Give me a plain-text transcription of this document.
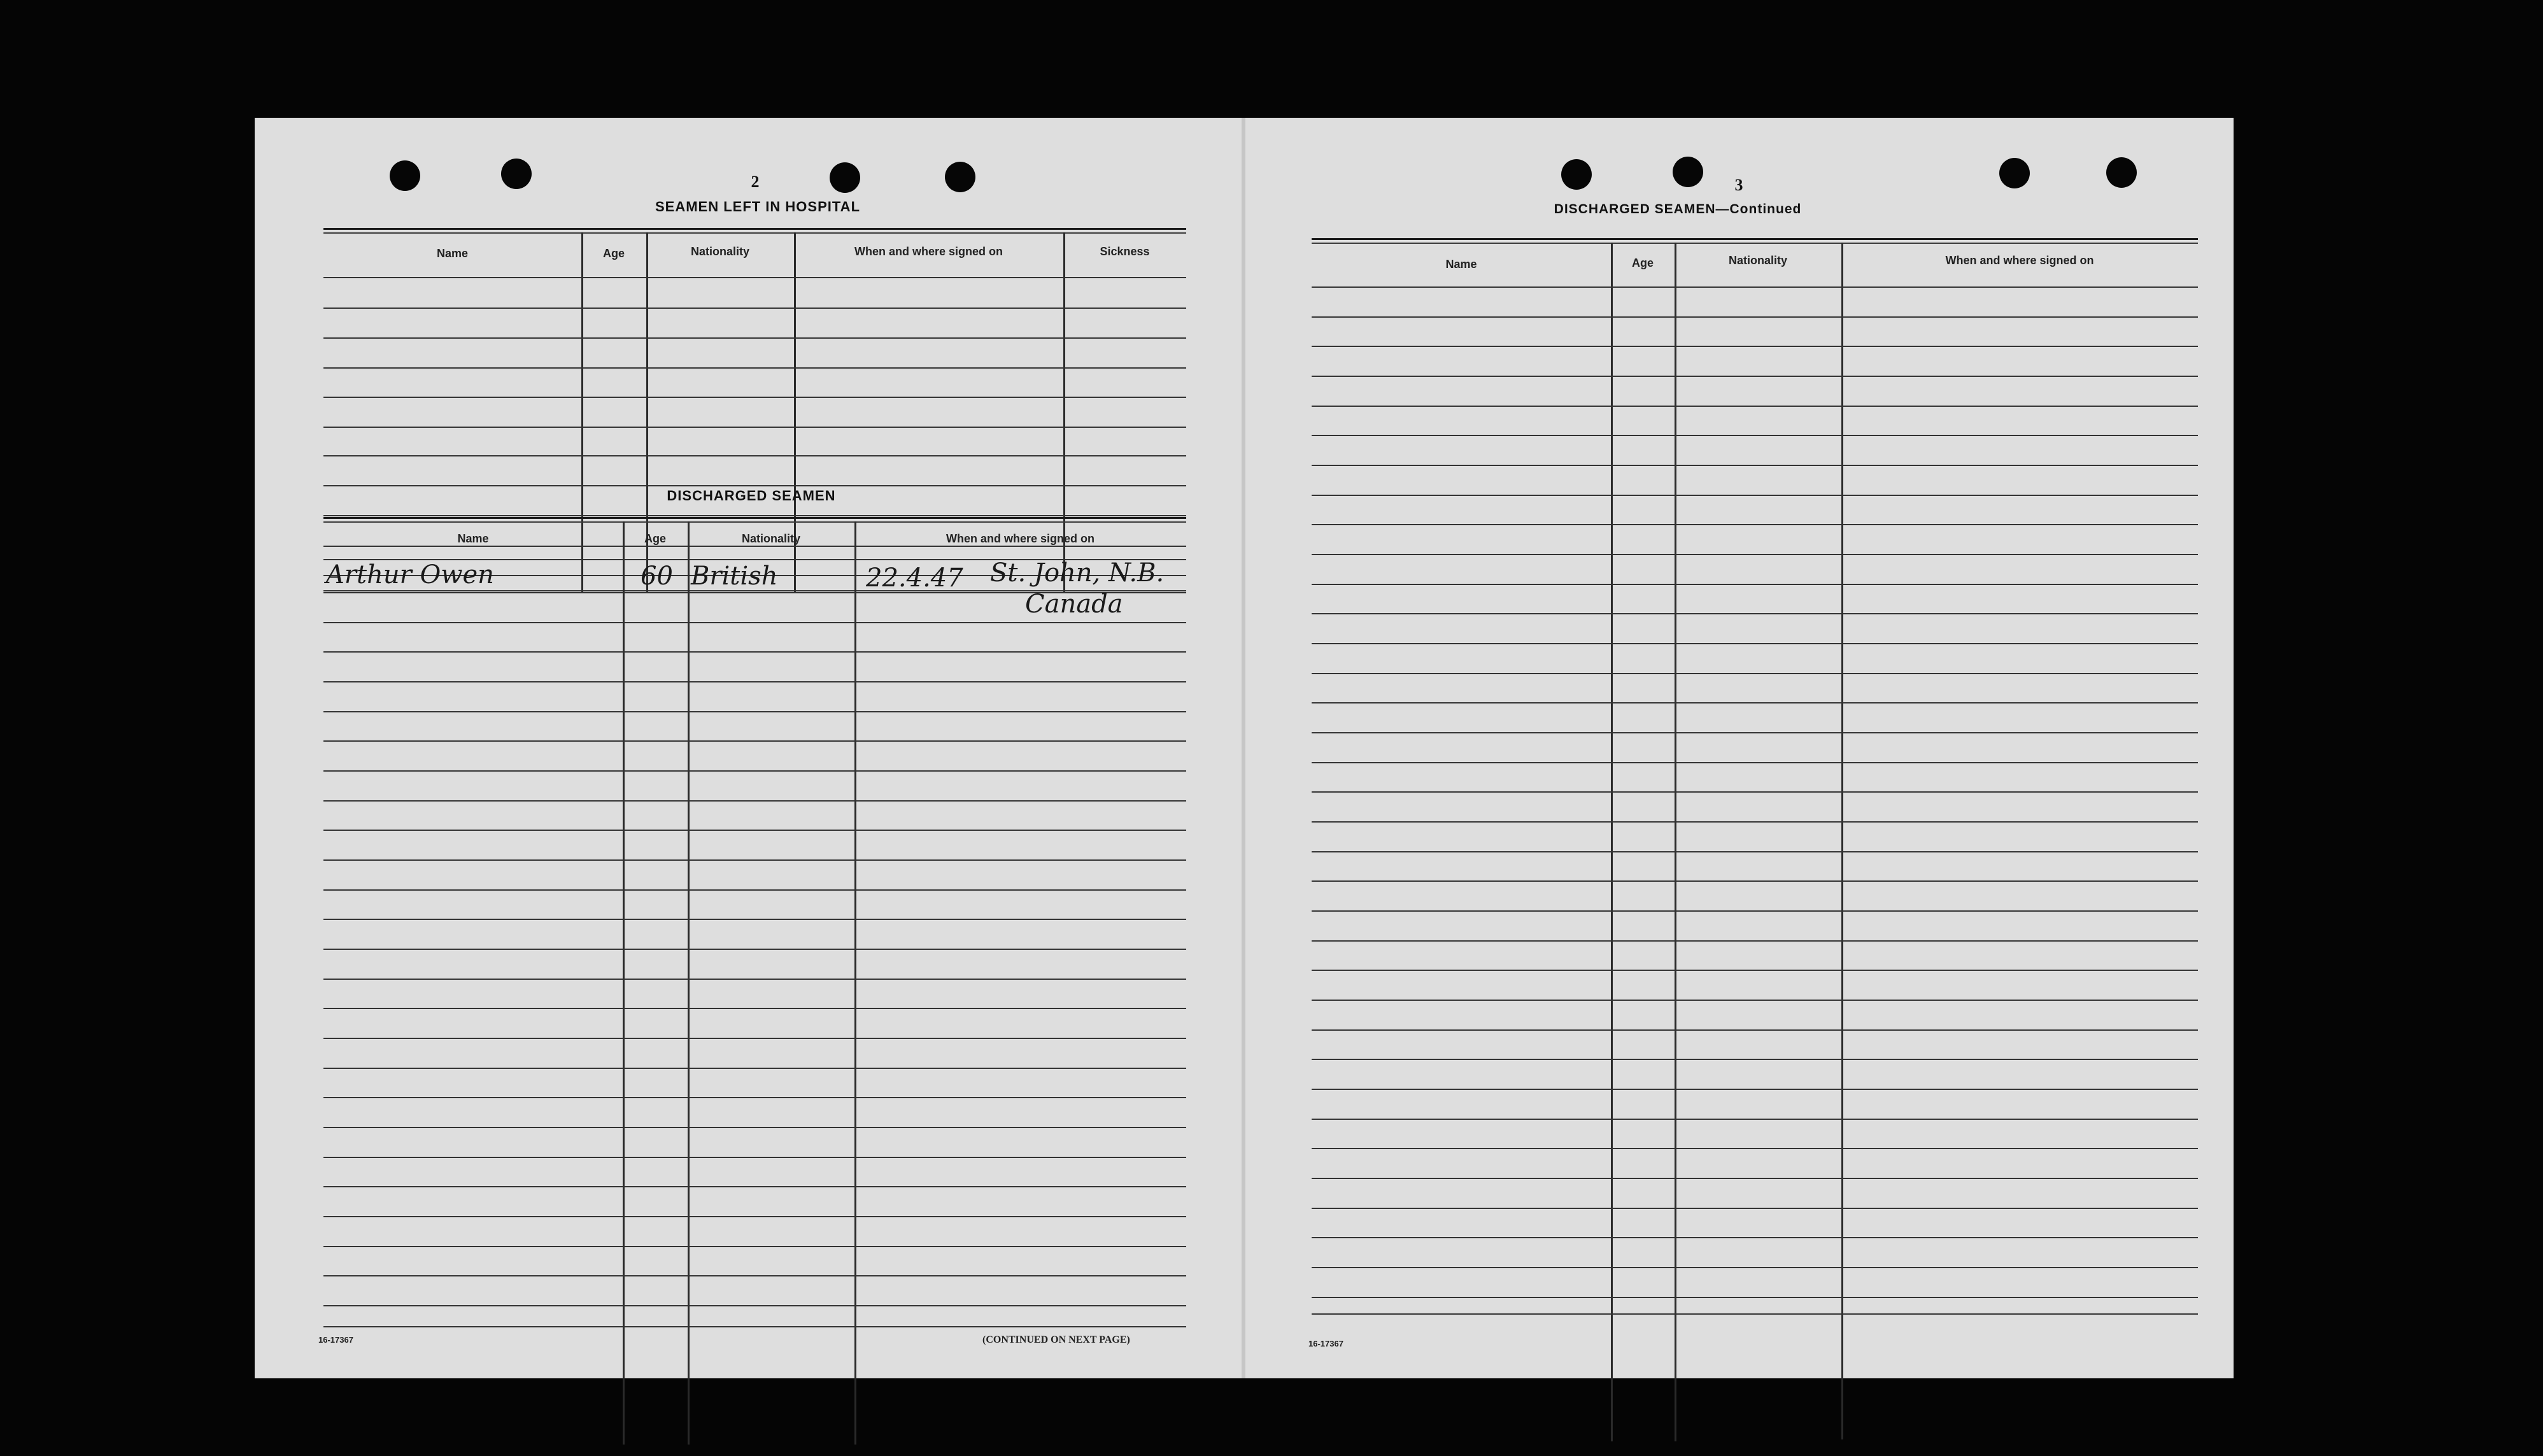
2
SEAMEN LEFT IN HOSPITAL
Name	Age	Nationality	When and where signed on	Sickness
DISCHARGED SEAMEN
Name	Age	Nationality	When and where signed on
Arthur Owen	60 British	22.4.47 St. John, N.B.
Canada
16-17367	(CONTINUED ON NEXT PAGE)
3
DISCHARGED SEAMEN—Continued
Name	Age	Nationality	When and where signed on
16-17367
